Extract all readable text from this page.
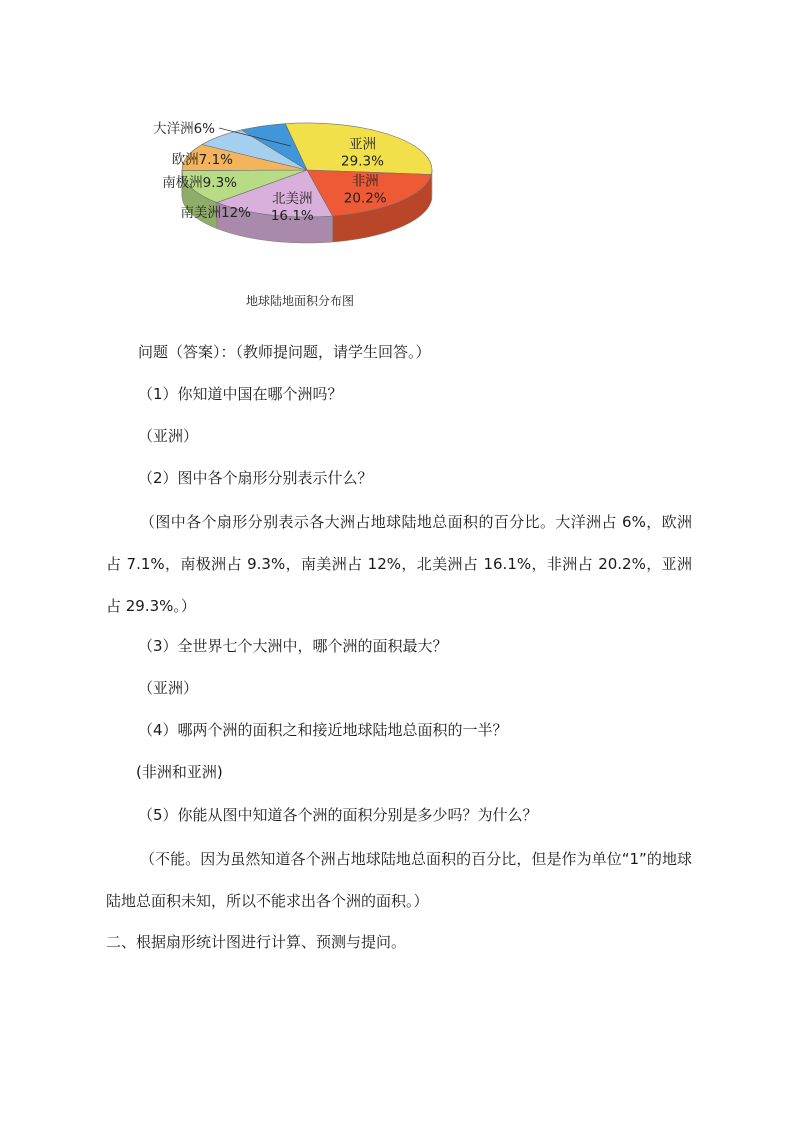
亚洲
29.3%
非洲
20.2%
北美洲
16.1%
南美洲12%
南极洲9.3%
欧洲7.1%
大洋洲6%
地球陆地面积分布图

问题（答案）：（教师提问题，请学生回答。）

（1）你知道中国在哪个洲吗？

（亚洲）

（2）图中各个扇形分别表示什么？

（图中各个扇形分别表示各大洲占地球陆地总面积的百分比。大洋洲占 6%，欧洲占 7.1%，南极洲占 9.3%，南美洲占 12%，北美洲占 16.1%，非洲占 20.2%，亚洲占 29.3%。）

（3）全世界七个大洲中，哪个洲的面积最大？

（亚洲）

（4）哪两个洲的面积之和接近地球陆地总面积的一半？

(非洲和亚洲)

（5）你能从图中知道各个洲的面积分别是多少吗？为什么？

（不能。因为虽然知道各个洲占地球陆地总面积的百分比，但是作为单位“1”的地球陆地总面积未知，所以不能求出各个洲的面积。）

二、根据扇形统计图进行计算、预测与提问。
